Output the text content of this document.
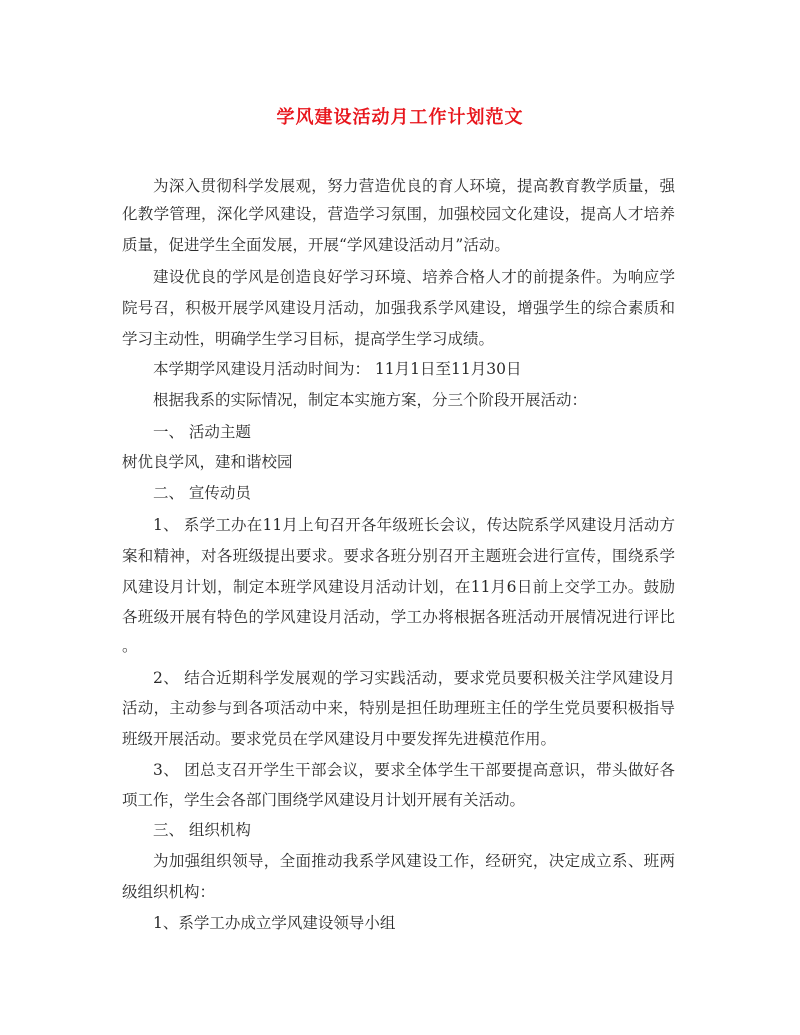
学风建设活动月工作计划范文
为深入贯彻科学发展观，努力营造优良的育人环境，提高教育教学质量，强
化教学管理，深化学风建设，营造学习氛围，加强校园文化建设，提高人才培养
质量，促进学生全面发展，开展“学风建设活动月”活动。
建设优良的学风是创造良好学习环境、培养合格人才的前提条件。为响应学
院号召，积极开展学风建设月活动，加强我系学风建设，增强学生的综合素质和
学习主动性，明确学生学习目标，提高学生学习成绩。
本学期学风建设月活动时间为： 11月1日至11月30日
根据我系的实际情况，制定本实施方案，分三个阶段开展活动：
一、 活动主题
树优良学风，建和谐校园
二、 宣传动员
1、 系学工办在11月上旬召开各年级班长会议，传达院系学风建设月活动方
案和精神，对各班级提出要求。要求各班分别召开主题班会进行宣传，围绕系学
风建设月计划，制定本班学风建设月活动计划，在11月6日前上交学工办。鼓励
各班级开展有特色的学风建设月活动，学工办将根据各班活动开展情况进行评比
。
2、 结合近期科学发展观的学习实践活动，要求党员要积极关注学风建设月
活动，主动参与到各项活动中来，特别是担任助理班主任的学生党员要积极指导
班级开展活动。要求党员在学风建设月中要发挥先进模范作用。
3、 团总支召开学生干部会议，要求全体学生干部要提高意识，带头做好各
项工作，学生会各部门围绕学风建设月计划开展有关活动。
三、 组织机构
为加强组织领导，全面推动我系学风建设工作，经研究，决定成立系、班两
级组织机构：
1、系学工办成立学风建设领导小组
